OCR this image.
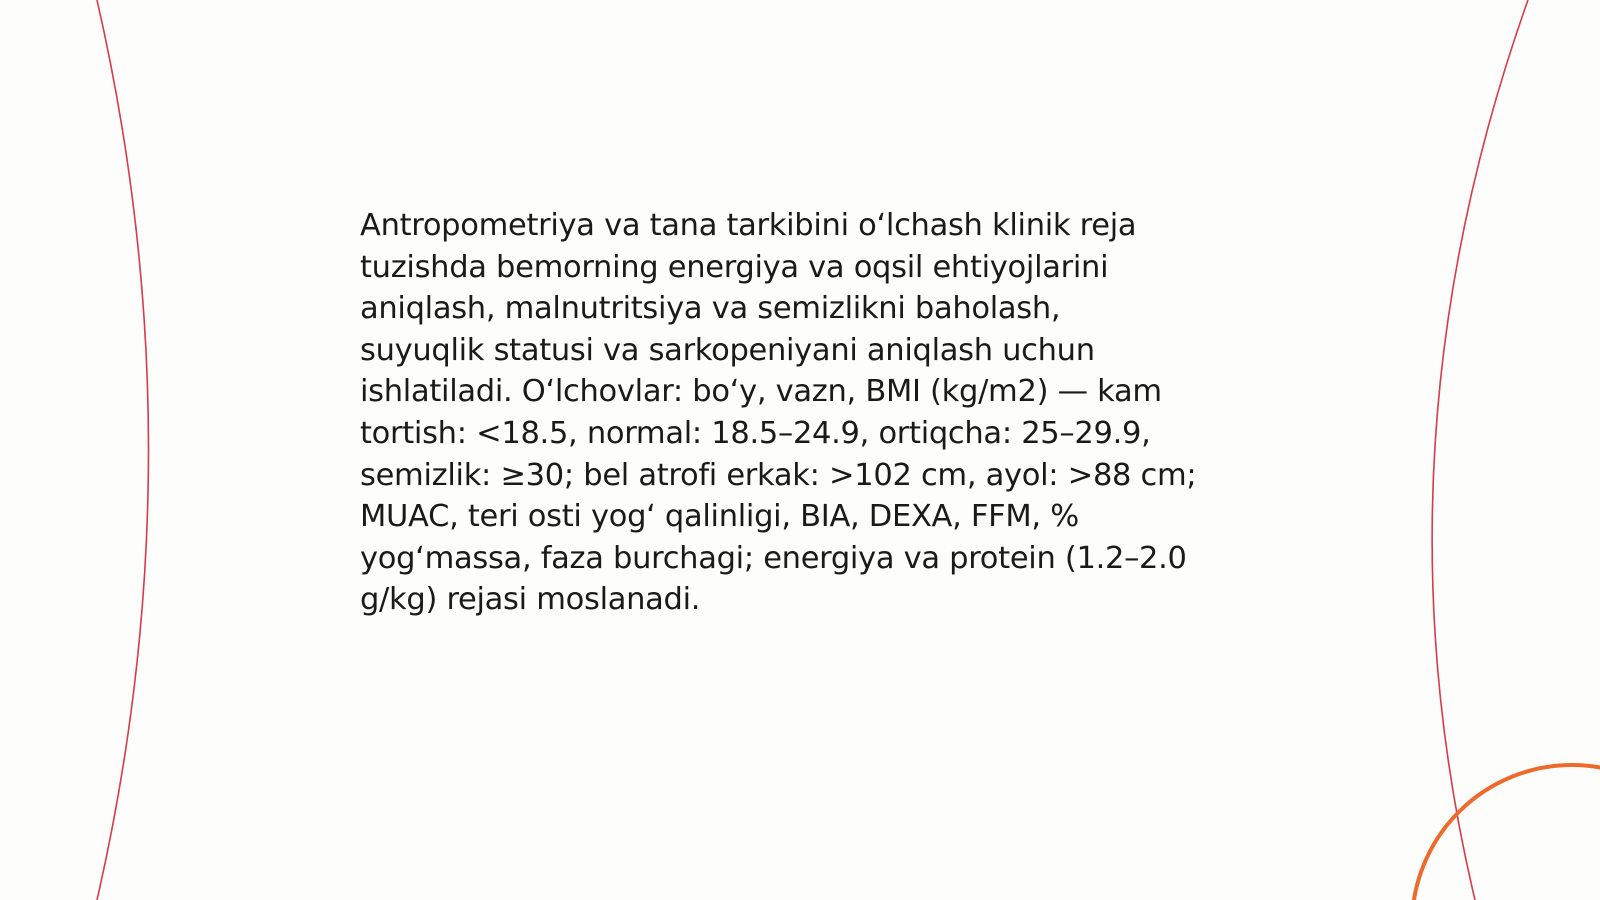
Antropometriya va tana tarkibini o‘lchash klinik reja
tuzishda bemorning energiya va oqsil ehtiyojlarini
aniqlash, malnutritsiya va semizlikni baholash,
suyuqlik statusi va sarkopeniyani aniqlash uchun
ishlatiladi. O‘lchovlar: bo‘y, vazn, BMI (kg/m2) — kam
tortish: <18.5, normal: 18.5–24.9, ortiqcha: 25–29.9,
semizlik: ≥30; bel atrofi erkak: >102 cm, ayol: >88 cm;
MUAC, teri osti yog‘ qalinligi, BIA, DEXA, FFM, %
yog‘massa, faza burchagi; energiya va protein (1.2–2.0
g/kg) rejasi moslanadi.
